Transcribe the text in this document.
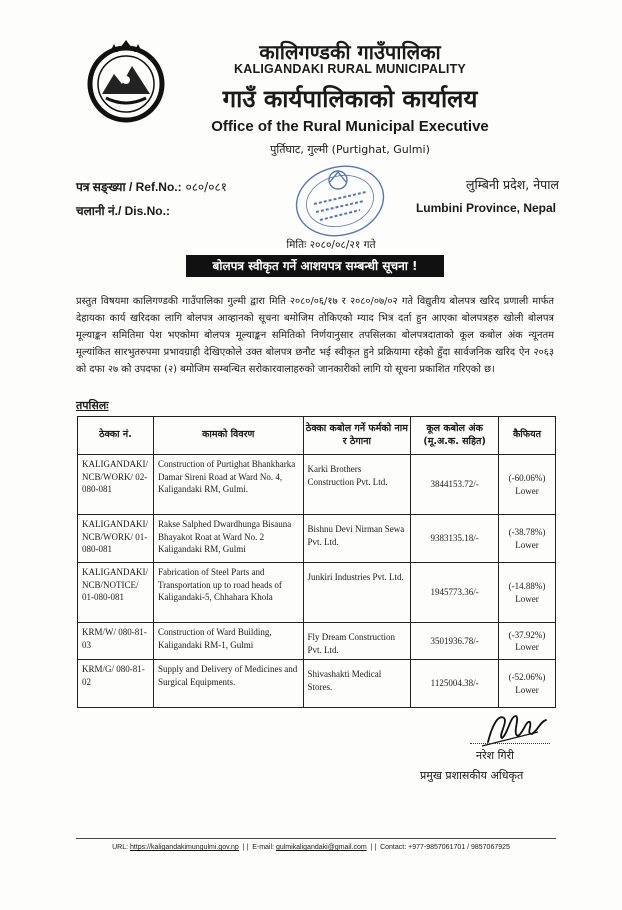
कालिगण्डकी गाउँपालिका
KALIGANDAKI RURAL MUNICIPALITY
गाउँ कार्यपालिकाको कार्यालय
Office of the Rural Municipal Executive
पुर्तिघाट, गुल्मी (Purtighat, Gulmi)
पत्र सङ्ख्या / Ref.No.: ०८०/०८१
चलानी नं./ Dis.No.:
लुम्बिनी प्रदेश, नेपाल
Lumbini Province, Nepal
मितिः २०८०/०८/२१ गते
बोलपत्र स्वीकृत गर्ने आशयपत्र सम्बन्धी सूचना !
प्रस्तुत विषयमा कालिगण्डकी गाउँपालिका गुल्मी द्वारा मिति २०८०/०६/१७ र २०८०/०७/०२ गते विद्युतीय बोलपत्र खरिद प्रणाली मार्फत देहायका कार्य खरिदका लागि बोलपत्र आव्हानको सूचना बमोजिम तोकिएको म्याद भित्र दर्ता हुन आएका बोलपत्रहरु खोली बोलपत्र मूल्याङ्कन समितिमा पेश भएकोमा बोलपत्र मूल्याङ्कन समितिको निर्णयानुसार तपसिलका बोलपत्रदाताको कूल कबोल अंक न्यूनतम मूल्यांकित सारभुतरुपमा प्रभावग्राही देखिएकोले उक्त बोलपत्र छनौट भई स्वीकृत हुने प्रक्रियामा रहेको हुँदा सार्वजनिक खरिद ऐन २०६३ को दफा २७ को उपदफा (२) बमोजिम सम्बन्धित सरोकारवालाहरुको जानकारीको लागि यो सूचना प्रकाशित गरिएको छ।
तपसिलः
ठेक्का नं.	कामको विवरण	ठेक्का कबोल गर्ने फर्मको नाम र ठेगाना	कूल कबोल अंक (मू.अ.क. सहित)	कैफियत
KALIGANDAKI/ NCB/WORK/ 02-080-081	Construction of Purtighat Bhankharka Damar Sireni Road at Ward No. 4, Kaligandaki RM, Gulmi.	Karki Brothers Construction Pvt. Ltd.	3844153.72/-	(-60.06%)
Lower
KALIGANDAKI/ NCB/WORK/ 01-080-081	Rakse Salphed Dwardhunga Bisauna Bhayakot Roat at Ward No. 2 Kaligandaki RM, Gulmi	Bishnu Devi Nirman Sewa Pvt. Ltd.	9383135.18/-	(-38.78%)
Lower
KALIGANDAKI/ NCB/NOTICE/ 01-080-081	Fabrication of Steel Parts and Transportation up to road heads of Kaligandaki-5, Chhahara Khola	Junkiri Industries Pvt. Ltd.	1945773.36/-	(-14.88%)
Lower
KRM/W/ 080-81-03	Construction of Ward Building, Kaligandaki RM-1, Gulmi	Fly Dream Construction Pvt. Ltd.	3501936.78/-	(-37.92%)
Lower
KRM/G/ 080-81-02	Supply and Delivery of Medicines and Surgical Equipments.	Shivashakti Medical Stores.	1125004.38/-	(-52.06%)
Lower
नरेश गिरी
प्रमुख प्रशासकीय अधिकृत
URL: https://kaligandakimungulmi.gov.np  | |  E-mail: gulmikaligandaki@gmail.com  | |  Contact: +977-9857061701 / 9857067925
